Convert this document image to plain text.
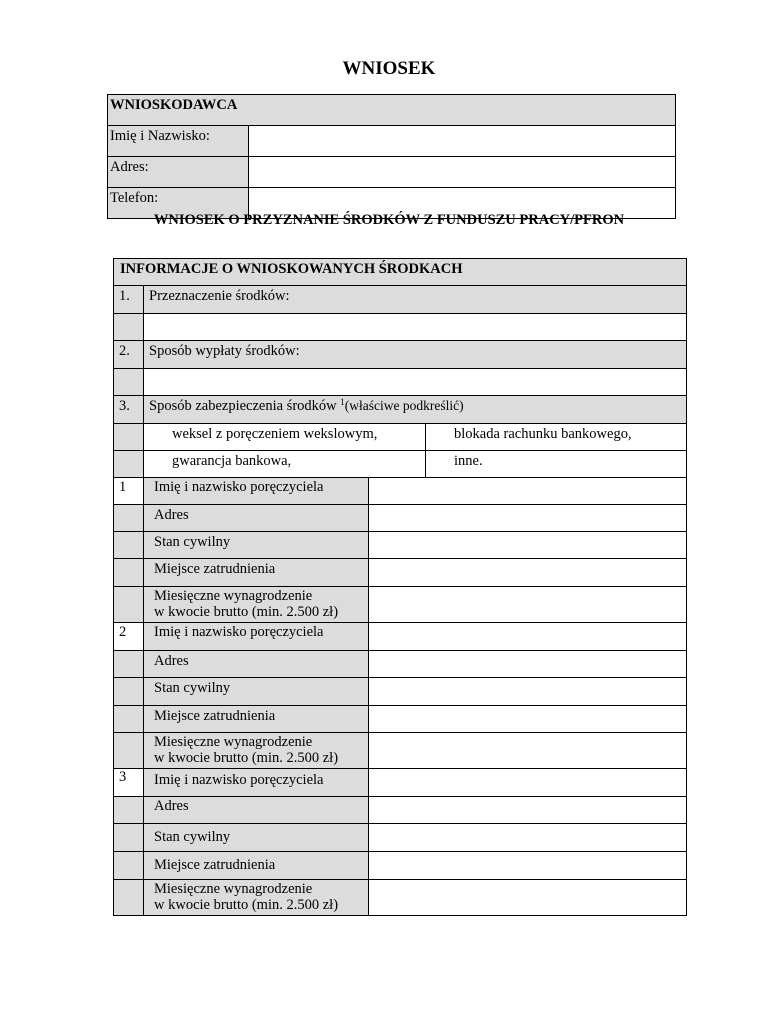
WNIOSEK
WNIOSKODAWCA	
Imię i Nazwisko:	
Adres:	
Telefon:	
WNIOSEK O PRZYZNANIE ŚRODKÓW Z FUNDUSZU PRACY/PFRON
INFORMACJE O WNIOSKOWANYCH ŚRODKACH			
1.	Przeznaczenie środków:		

2.	Sposób wypłaty środków:		

3.	Sposób zabezpieczenia środków $^1$(właściwe podkreślić)		
	weksel z poręczeniem wekslowym,		blokada rachunku bankowego,
	gwarancja bankowa,		inne.
1	Imię i nazwisko poręczyciela		
	Adres		
	Stan cywilny		
	Miejsce zatrudnienia		

	Miesięczne wynagrodzenie
w kwocie brutto (min. 2.500 zł)		

2	Imię i nazwisko poręczyciela		
	Adres		
	Stan cywilny		
	Miejsce zatrudnienia		

	Miesięczne wynagrodzenie
w kwocie brutto (min. 2.500 zł)		

3	Imię i nazwisko poręczyciela		
	Adres		
	Stan cywilny		
	Miejsce zatrudnienia		

	Miesięczne wynagrodzenie
w kwocie brutto (min. 2.500 zł)		
